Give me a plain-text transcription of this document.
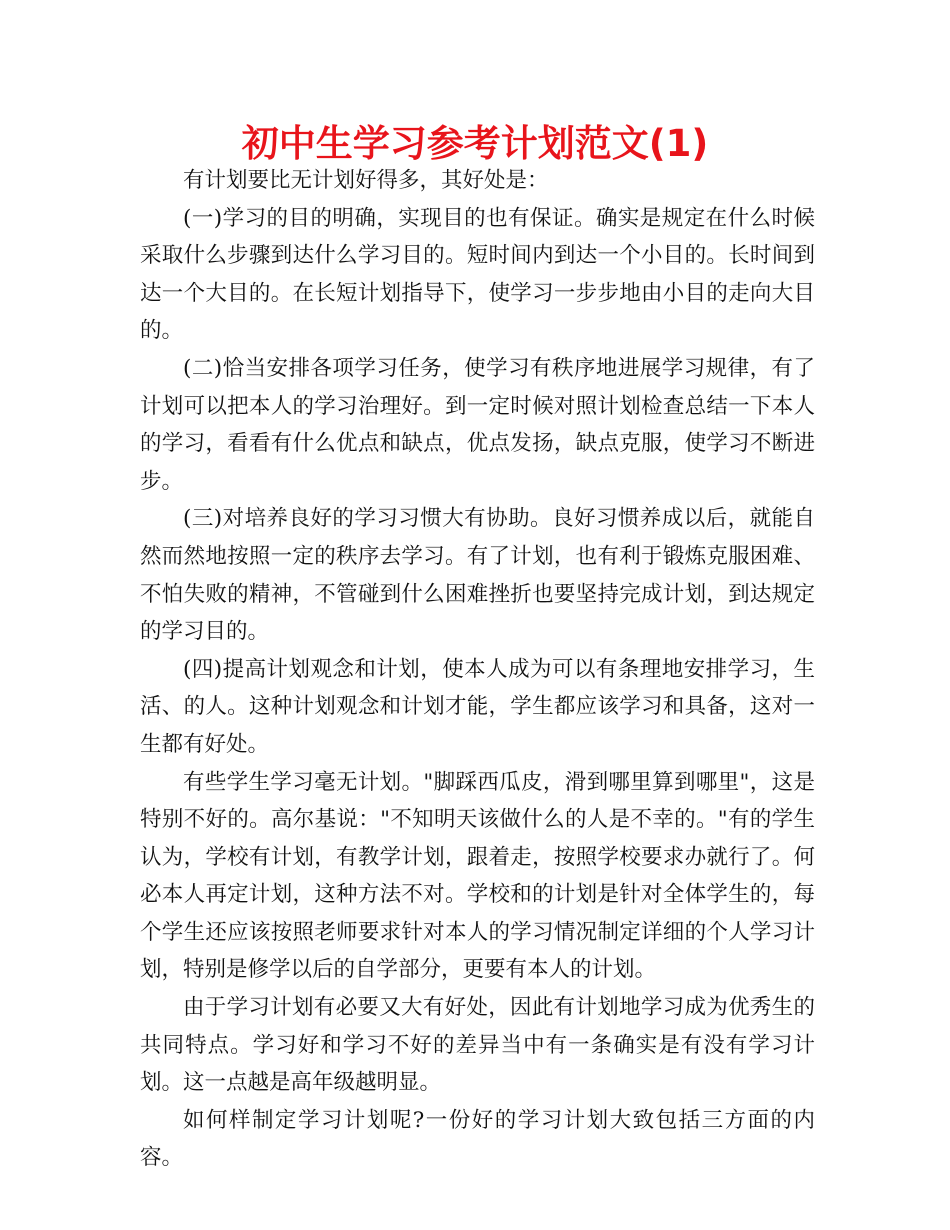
初中生学习参考计划范文(1)

有计划要比无计划好得多，其好处是：

(一)学习的目的明确，实现目的也有保证。确实是规定在什么时候采取什么步骤到达什么学习目的。短时间内到达一个小目的。长时间到达一个大目的。在长短计划指导下，使学习一步步地由小目的走向大目的。

(二)恰当安排各项学习任务，使学习有秩序地进展学习规律，有了计划可以把本人的学习治理好。到一定时候对照计划检查总结一下本人的学习，看看有什么优点和缺点，优点发扬，缺点克服，使学习不断进步。

(三)对培养良好的学习习惯大有协助。良好习惯养成以后，就能自然而然地按照一定的秩序去学习。有了计划，也有利于锻炼克服困难、不怕失败的精神，不管碰到什么困难挫折也要坚持完成计划，到达规定的学习目的。

(四)提高计划观念和计划，使本人成为可以有条理地安排学习，生活、的人。这种计划观念和计划才能，学生都应该学习和具备，这对一生都有好处。

有些学生学习毫无计划。"脚踩西瓜皮，滑到哪里算到哪里"，这是特别不好的。高尔基说："不知明天该做什么的人是不幸的。"有的学生认为，学校有计划，有教学计划，跟着走，按照学校要求办就行了。何必本人再定计划，这种方法不对。学校和的计划是针对全体学生的，每个学生还应该按照老师要求针对本人的学习情况制定详细的个人学习计划，特别是修学以后的自学部分，更要有本人的计划。

由于学习计划有必要又大有好处，因此有计划地学习成为优秀生的共同特点。学习好和学习不好的差异当中有一条确实是有没有学习计划。这一点越是高年级越明显。

如何样制定学习计划呢?一份好的学习计划大致包括三方面的内容。
